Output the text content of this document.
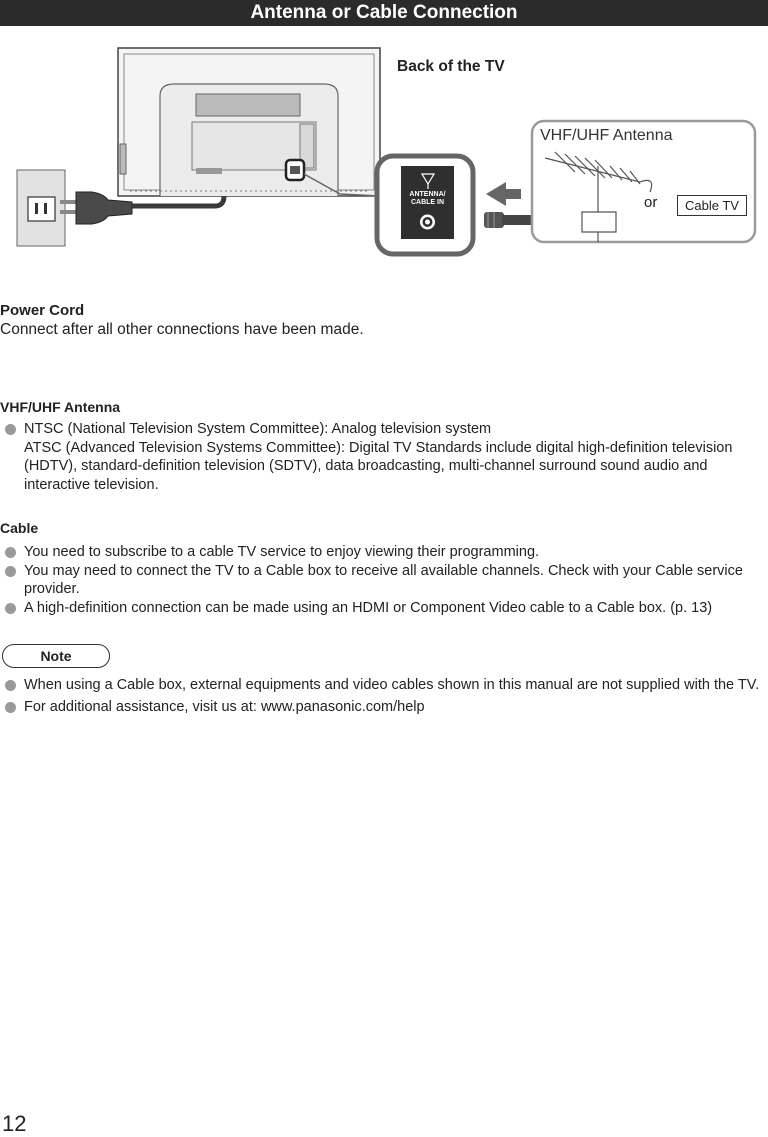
Antenna or Cable Connection
ANTENNA/
CABLE IN
Back of the TV
VHF/UHF Antenna
or	Cable TV
Power Cord
Connect after all other connections have been made.
VHF/UHF Antenna
NTSC (National Television System Committee): Analog television system
ATSC (Advanced Television Systems Committee): Digital TV Standards include digital high-definition television (HDTV), standard-definition television (SDTV), data broadcasting, multi-channel surround sound audio and interactive television.
Cable
You need to subscribe to a cable TV service to enjoy viewing their programming.
You may need to connect the TV to a Cable box to receive all available channels. Check with your Cable service provider.
A high-definition connection can be made using an HDMI or Component Video cable to a Cable box. (p. 13)
Note
When using a Cable box, external equipments and video cables shown in this manual are not supplied with the TV.
For additional assistance, visit us at: www.panasonic.com/help
12
